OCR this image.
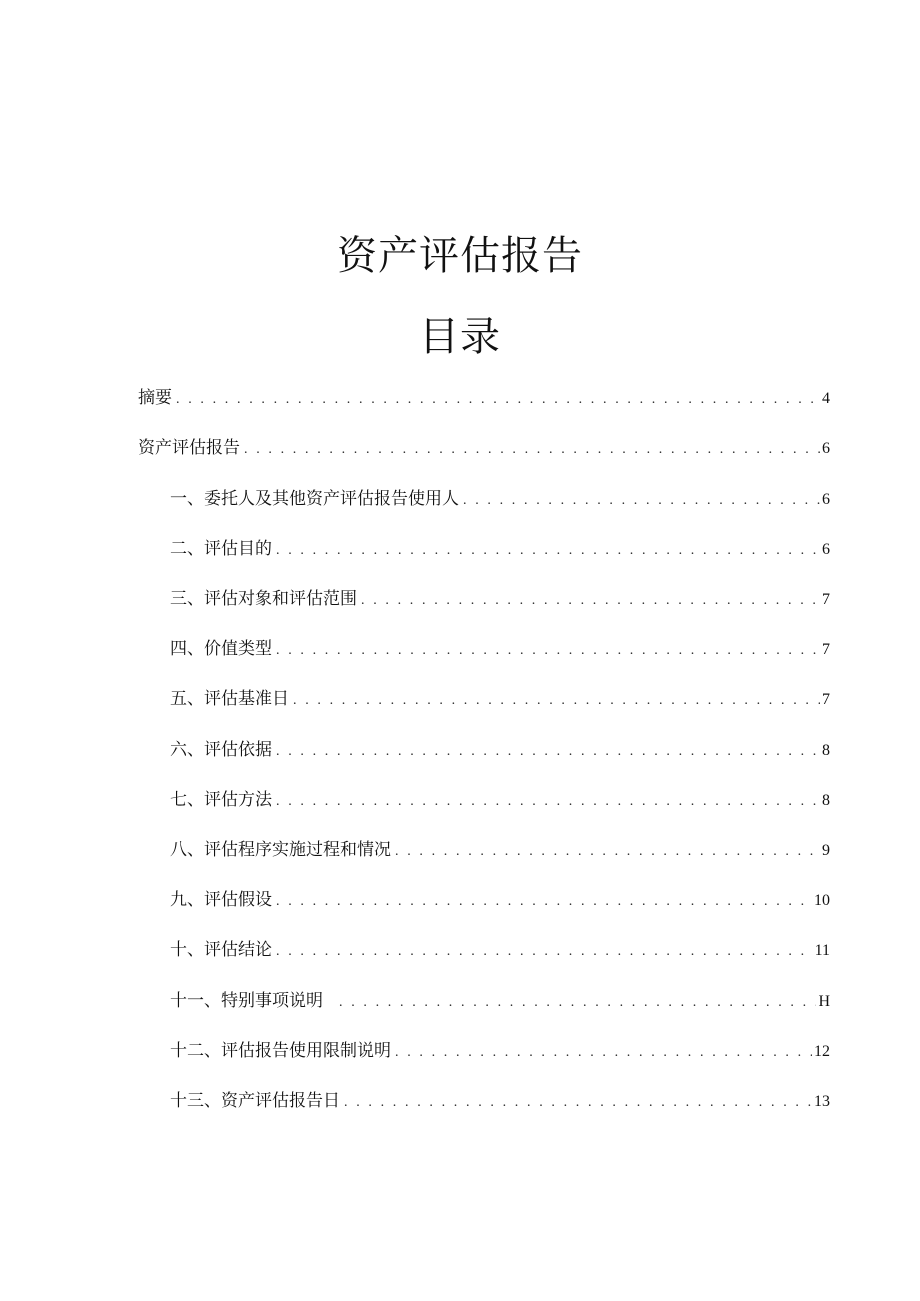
资产评估报告
目录
摘要 . . .	4
资产评估报告 . . .	6
一、委托人及其他资产评估报告使用人 . . .	6
二、评估目的 . . .	6
三、评估对象和评估范围 . . .	7
四、价值类型 . . .	7
五、评估基准日 . . .	7
六、评估依据 . . .	8
七、评估方法 . . .	8
八、评估程序实施过程和情况 . . .	9
九、评估假设 . . .	10
十、评估结论 . . .	11
十一、特别事项说明 . . .	H
十二、评估报告使用限制说明 . . .	12
十三、资产评估报告日 . . .	13
